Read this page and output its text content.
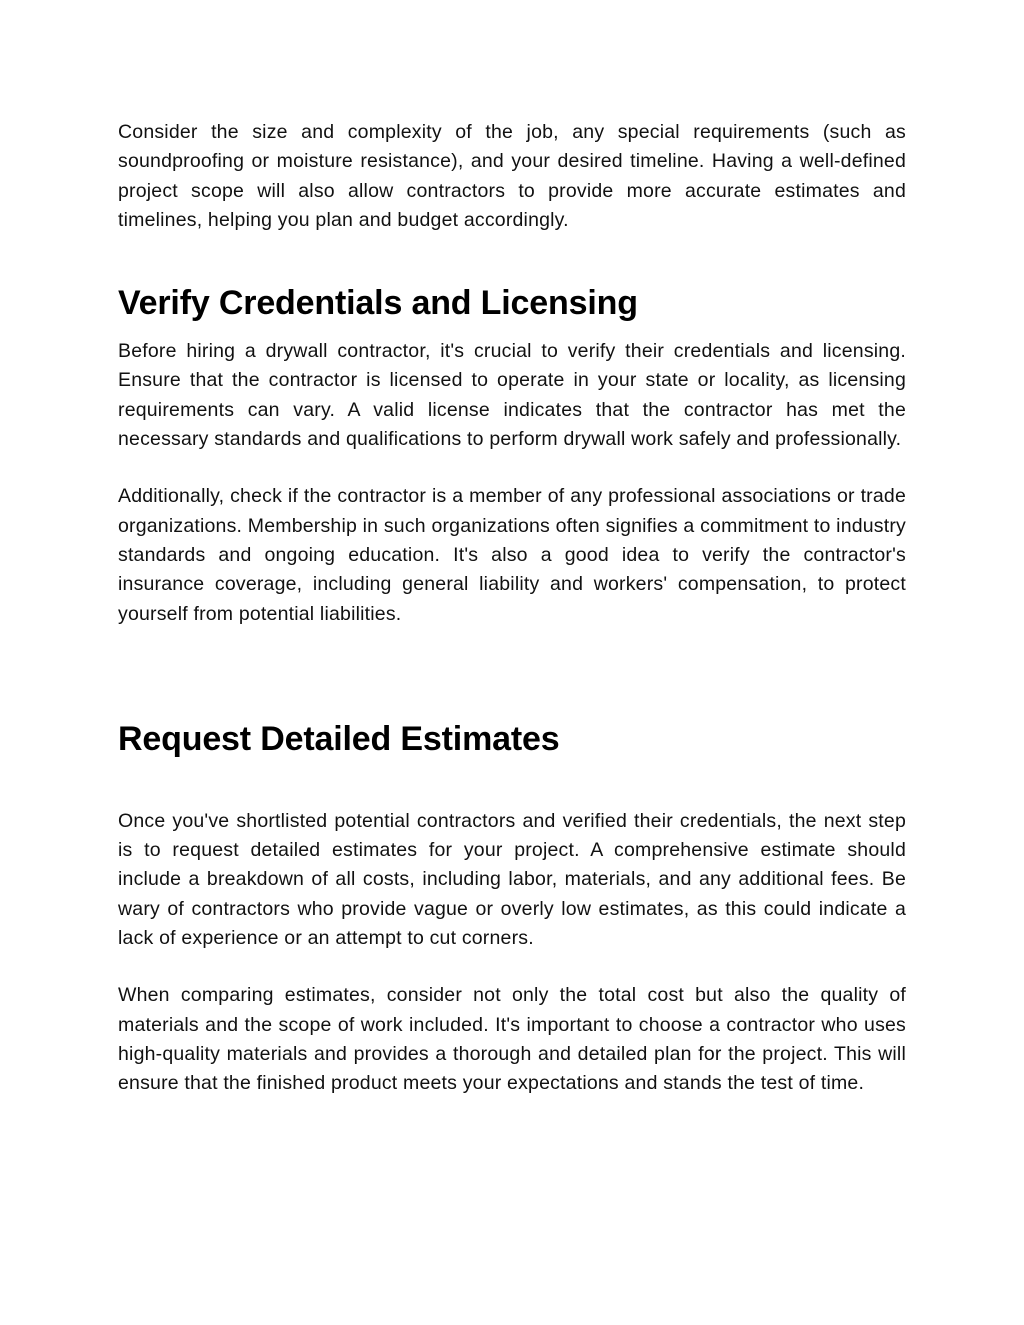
Consider the size and complexity of the job, any special requirements (such as soundproofing or moisture resistance), and your desired timeline. Having a well-defined project scope will also allow contractors to provide more accurate estimates and timelines, helping you plan and budget accordingly.

Verify Credentials and Licensing

Before hiring a drywall contractor, it's crucial to verify their credentials and licensing. Ensure that the contractor is licensed to operate in your state or locality, as licensing requirements can vary. A valid license indicates that the contractor has met the necessary standards and qualifications to perform drywall work safely and professionally.

Additionally, check if the contractor is a member of any professional associations or trade organizations. Membership in such organizations often signifies a commitment to industry standards and ongoing education. It's also a good idea to verify the contractor's insurance coverage, including general liability and workers' compensation, to protect yourself from potential liabilities.

Request Detailed Estimates

Once you've shortlisted potential contractors and verified their credentials, the next step is to request detailed estimates for your project. A comprehensive estimate should include a breakdown of all costs, including labor, materials, and any additional fees. Be wary of contractors who provide vague or overly low estimates, as this could indicate a lack of experience or an attempt to cut corners.

When comparing estimates, consider not only the total cost but also the quality of materials and the scope of work included. It's important to choose a contractor who uses high-quality materials and provides a thorough and detailed plan for the project. This will ensure that the finished product meets your expectations and stands the test of time.
